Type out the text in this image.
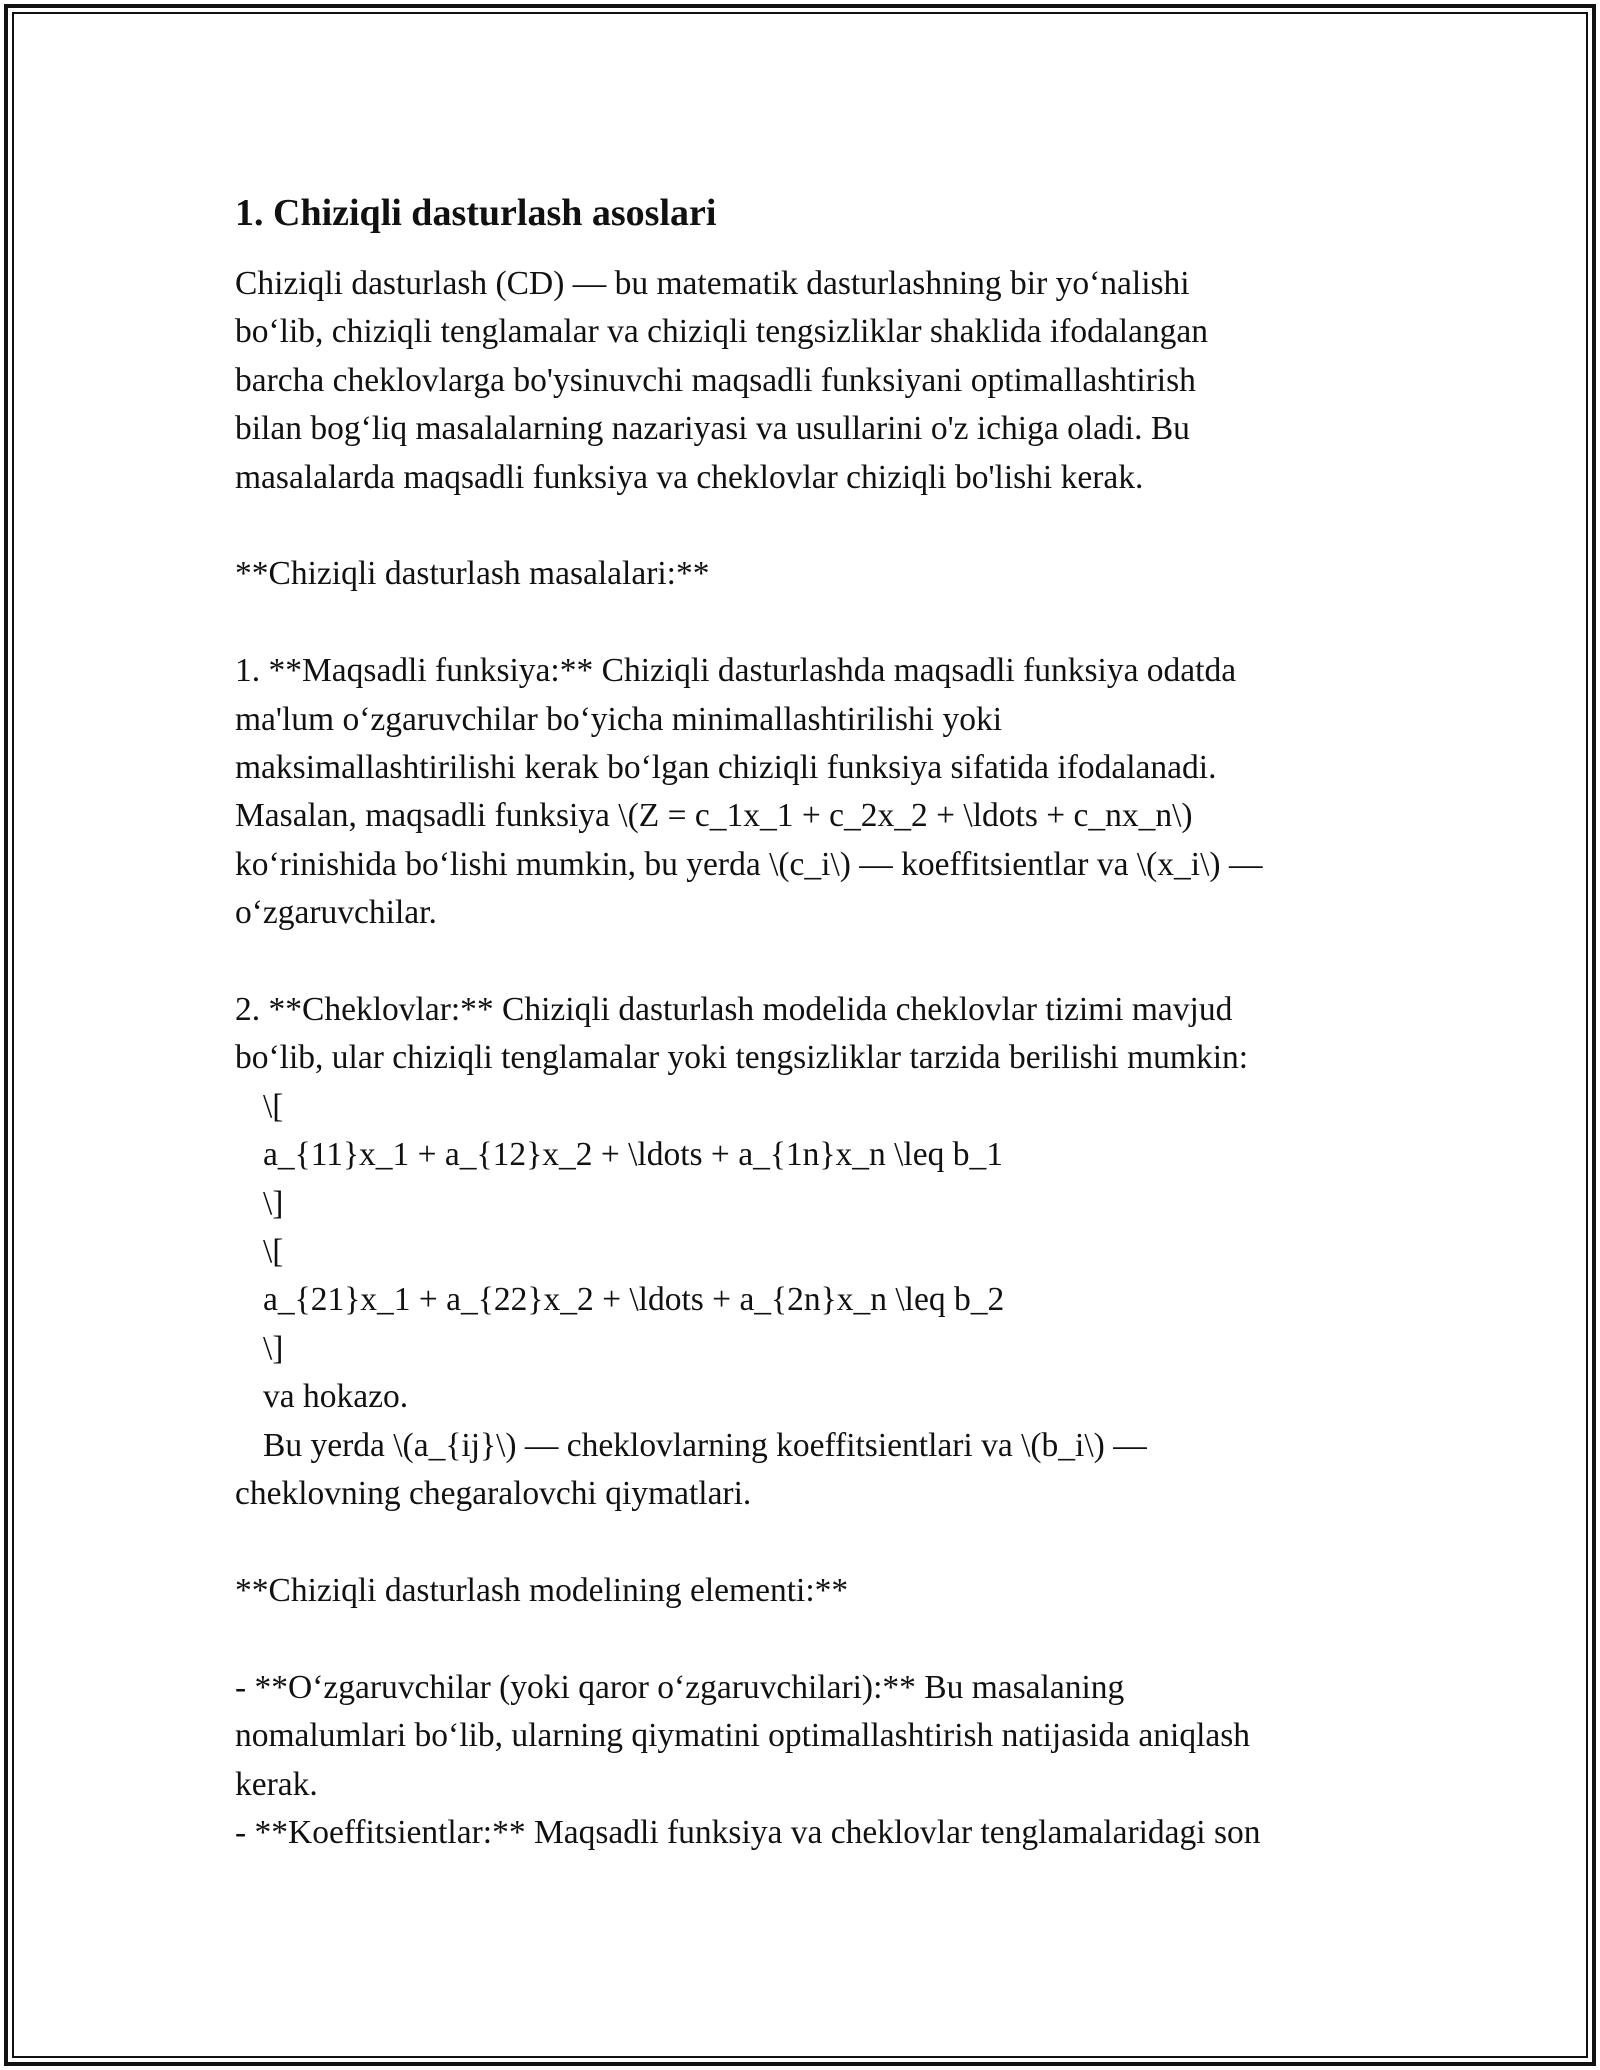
1. Chiziqli dasturlash asoslari

Chiziqli dasturlash (CD) — bu matematik dasturlashning bir yo‘nalishi

bo‘lib, chiziqli tenglamalar va chiziqli tengsizliklar shaklida ifodalangan

barcha cheklovlarga bo'ysinuvchi maqsadli funksiyani optimallashtirish

bilan bog‘liq masalalarning nazariyasi va usullarini o'z ichiga oladi. Bu

masalalarda maqsadli funksiya va cheklovlar chiziqli bo'lishi kerak.

**Chiziqli dasturlash masalalari:**

1. **Maqsadli funksiya:** Chiziqli dasturlashda maqsadli funksiya odatda

ma'lum o‘zgaruvchilar bo‘yicha minimallashtirilishi yoki

maksimallashtirilishi kerak bo‘lgan chiziqli funksiya sifatida ifodalanadi.

Masalan, maqsadli funksiya \(Z = c_1x_1 + c_2x_2 + \ldots + c_nx_n\)

ko‘rinishida bo‘lishi mumkin, bu yerda \(c_i\) — koeffitsientlar va \(x_i\) —

o‘zgaruvchilar.

2. **Cheklovlar:** Chiziqli dasturlash modelida cheklovlar tizimi mavjud

bo‘lib, ular chiziqli tenglamalar yoki tengsizliklar tarzida berilishi mumkin:

\[

a_{11}x_1 + a_{12}x_2 + \ldots + a_{1n}x_n \leq b_1

\]

\[

a_{21}x_1 + a_{22}x_2 + \ldots + a_{2n}x_n \leq b_2

\]

va hokazo.

Bu yerda \(a_{ij}\) — cheklovlarning koeffitsientlari va \(b_i\) —

cheklovning chegaralovchi qiymatlari.

**Chiziqli dasturlash modelining elementi:**

- **O‘zgaruvchilar (yoki qaror o‘zgaruvchilari):** Bu masalaning

nomalumlari bo‘lib, ularning qiymatini optimallashtirish natijasida aniqlash

kerak.

- **Koeffitsientlar:** Maqsadli funksiya va cheklovlar tenglamalaridagi son
